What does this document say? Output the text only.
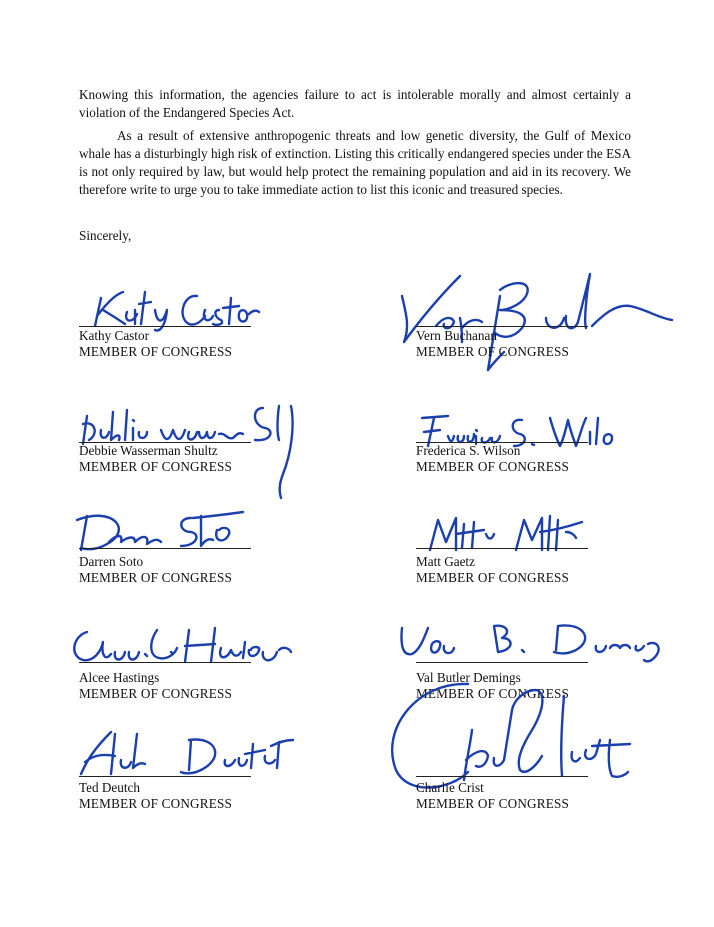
Knowing this information, the agencies failure to act is intolerable morally and almost certainly a violation of the Endangered Species Act.

As a result of extensive anthropogenic threats and low genetic diversity, the Gulf of Mexico whale has a disturbingly high risk of extinction. Listing this critically endangered species under the ESA is not only required by law, but would help protect the remaining population and aid in its recovery. We therefore write to urge you to take immediate action to list this iconic and treasured species.

Sincerely,

Kathy Castor
MEMBER OF CONGRESS
Vern Buchanan
MEMBER OF CONGRESS
Debbie Wasserman Shultz
MEMBER OF CONGRESS
Frederica S. Wilson
MEMBER OF CONGRESS
Darren Soto
MEMBER OF CONGRESS
Matt Gaetz
MEMBER OF CONGRESS
Alcee Hastings
MEMBER OF CONGRESS
Val Butler Demings
MEMBER OF CONGRESS
Ted Deutch
MEMBER OF CONGRESS
Charlie Crist
MEMBER OF CONGRESS
